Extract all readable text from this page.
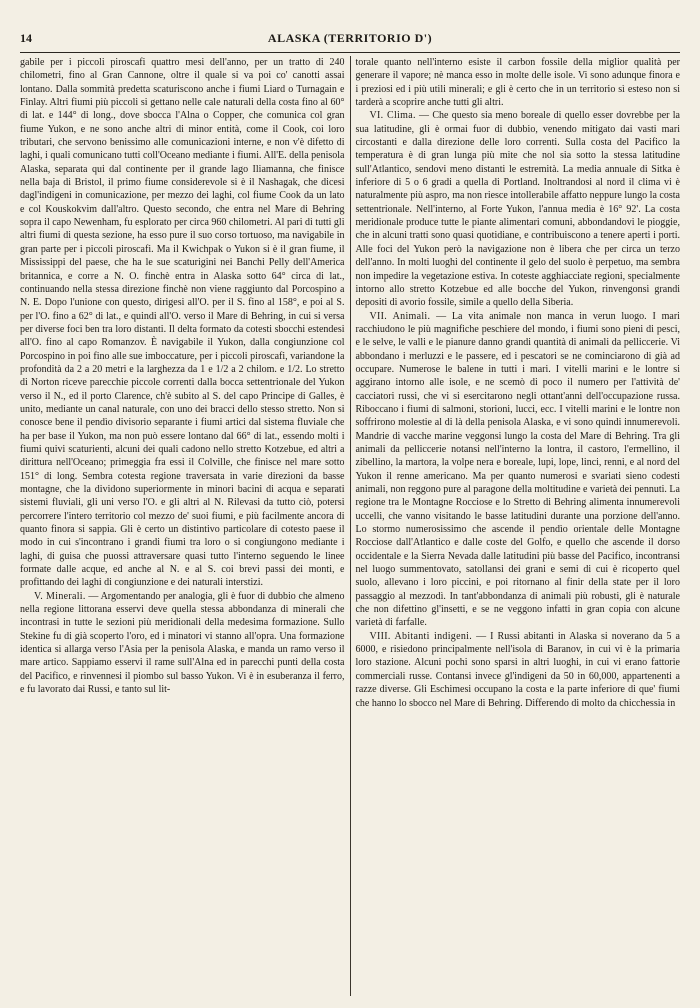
14	ALASKA (TERRITORIO D')

gabile per i piccoli piroscafi quattro mesi dell'anno, per un tratto di 240 chilometri, fino al Gran Cannone, oltre il quale si va poi co' canotti assai lontano. Dalla sommità predetta scaturiscono anche i fiumi Liard o Turnagain e Finlay. Altri fiumi più piccoli si gettano nelle cale naturali della costa fino al 60° di lat. e 144° di long., dove sbocca l'Alna o Copper, che comunica col gran fiume Yukon, e ne sono anche altri di minor entità, come il Cook, coi loro tributari, che servono benissimo alle comunicazioni interne, e non v'è difetto di laghi, i quali comunicano tutti coll'Oceano mediante i fiumi. All'E. della penisola Alaska, separata qui dal continente per il grande lago Iliamanna, che finisce nella baja di Bristol, il primo fiume considerevole si è il Nashagak, che dicesi dagl'indigeni in comunicazione, per mezzo dei laghi, col fiume Cook da un lato e col Kouskokvim dall'altro. Questo secondo, che entra nel Mare di Behring sopra il capo Newenham, fu esplorato per circa 960 chilometri. Al pari di tutti gli altri fiumi di questa sezione, ha esso pure il suo corso tortuoso, ma navigabile in gran parte per i piccoli piroscafi. Ma il Kwichpak o Yukon si è il gran fiume, il Mississippi del paese, che ha le sue scaturigini nei Banchi Pelly dell'America britannica, e corre a N. O. finchè entra in Alaska sotto 64° circa di lat., continuando nella stessa direzione finchè non viene raggiunto dal Porcospino a N. E. Dopo l'unione con questo, dirigesi all'O. per il S. fino al 158°, e poi al S. per l'O. fino a 62° di lat., e quindi all'O. verso il Mare di Behring, in cui si versa per diverse foci ben tra loro distanti. Il delta formato da cotesti sbocchi estendesi all'O. fino al capo Romanzov. È navigabile il Yukon, dalla congiunzione col Porcospino in poi fino alle sue imboccature, per i piccoli piroscafi, variandone la profondità da 2 a 20 metri e la larghezza da 1 e 1/2 a 2 chilom. e 1/2. Lo stretto di Norton riceve parecchie piccole correnti dalla bocca settentrionale del Yukon verso il N., ed il porto Clarence, ch'è subito al S. del capo Principe di Galles, è unito, mediante un canal naturale, con uno dei bracci dello stesso stretto. Non si conosce bene il pendìo divisorio separante i fiumi artici dal sistema fluviale che ha per base il Yukon, ma non può essere lontano dal 66° di lat., essendo molti i fiumi quivi scaturienti, alcuni dei quali cadono nello stretto Kotzebue, ed altri a dirittura nell'Oceano; primeggia fra essi il Colville, che finisce nel mare sotto 151° di long. Sembra cotesta regione traversata in varie direzioni da basse montagne, che la dividono superiormente in minori bacini di acqua e separati sistemi fluviali, gli uni verso l'O. e gli altri al N. Rilevasi da tutto ciò, potersi percorrere l'intero territorio col mezzo de' suoi fiumi, e più facilmente ancora di quanto finora si sappia. Gli è certo un distintivo particolare di cotesto paese il modo in cui s'incontrano i grandi fiumi tra loro o si congiungono mediante i laghi, di guisa che puossi attraversare quasi tutto l'interno seguendo le linee formate dalle acque, ed anche al N. e al S. coi brevi passi dei monti, e profittando dei laghi di congiunzione e dei naturali interstizi.

V. Minerali. — Argomentando per analogia, gli è fuor di dubbio che almeno nella regione littorana esservi deve quella stessa abbondanza di minerali che incontrasi in tutte le sezioni più meridionali della medesima formazione. Sullo Stekine fu di già scoperto l'oro, ed i minatori vi stanno all'opra. Una formazione identica si allarga verso l'Asia per la penisola Alaska, e manda un ramo verso il mare artico. Sappiamo esservi il rame sull'Alna ed in parecchi punti della costa del Pacifico, e rinvennesi il piombo sul basso Yukon. Vi è in esuberanza il ferro, e fu lavorato dai Russi, e tanto sul lit-

torale quanto nell'interno esiste il carbon fossile della miglior qualità per generare il vapore; nè manca esso in molte delle isole. Vi sono adunque finora e i preziosi ed i più utili minerali; e gli è certo che in un territorio sì esteso non si tarderà a scoprire anche tutti gli altri.

VI. Clima. — Che questo sia meno boreale di quello esser dovrebbe per la sua latitudine, gli è ormai fuor di dubbio, venendo mitigato dai vasti mari circostanti e dalla direzione delle loro correnti. Sulla costa del Pacifico la temperatura è di gran lunga più mite che nol sia sotto la stessa latitudine sull'Atlantico, sendovi meno distanti le estremità. La media annuale di Sitka è inferiore di 5 o 6 gradi a quella di Portland. Inoltrandosi al nord il clima vi è naturalmente più aspro, ma non riesce intollerabile affatto neppure lungo la costa settentrionale. Nell'interno, al Forte Yukon, l'annua media è 16° 92'. La costa meridionale produce tutte le piante alimentari comuni, abbondandovi le pioggie, che in alcuni tratti sono quasi quotidiane, e contribuiscono a tenere aperti i porti. Alle foci del Yukon però la navigazione non è libera che per circa un terzo dell'anno. In molti luoghi del continente il gelo del suolo è perpetuo, ma sembra non impedire la vegetazione estiva. In coteste agghiacciate regioni, specialmente intorno allo stretto Kotzebue ed alle bocche del Yukon, rinvengonsi grandi depositi di avorio fossile, simile a quello della Siberia.

VII. Animali. — La vita animale non manca in verun luogo. I mari racchiudono le più magnifiche peschiere del mondo, i fiumi sono pieni di pesci, e le selve, le valli e le pianure danno grandi quantità di animali da pelliccerie. Vi abbondano i merluzzi e le passere, ed i pescatori se ne cominciarono di già ad occupare. Numerose le balene in tutti i mari. I vitelli marini e le lontre si aggirano intorno alle isole, e ne scemò di poco il numero per l'attività de' cacciatori russi, che vi si esercitarono negli ottant'anni dell'occupazione russa. Riboccano i fiumi di salmoni, storioni, lucci, ecc. I vitelli marini e le lontre non soffrirono molestie al di là della penisola Alaska, e vi sono quindi innumerevoli. Mandrie di vacche marine veggonsi lungo la costa del Mare di Behring. Tra gli animali da pelliccerie notansi nell'interno la lontra, il castoro, l'ermellino, il zibellino, la martora, la volpe nera e boreale, lupi, lope, linci, renni, e al nord del Yukon il renne americano. Ma per quanto numerosi e svariati sieno codesti animali, non reggono pure al paragone della moltitudine e varietà dei pennuti. La regione tra le Montagne Rocciose e lo Stretto di Behring alimenta innumerevoli uccelli, che vanno visitando le basse latitudini durante una porzione dell'anno. Lo stormo numerosissimo che ascende il pendìo orientale delle Montagne Rocciose dall'Atlantico e dalle coste del Golfo, e quello che ascende il dorso occidentale e la Sierra Nevada dalle latitudini più basse del Pacifico, incontransi nel luogo summentovato, satollansi dei grani e semi di cui è ricoperto quel suolo, allevano i loro piccini, e poi ritornano al finir della state per il loro passaggio al mezzodì. In tant'abbondanza di animali più robusti, gli è naturale che non difettino gl'insetti, e se ne veggono infatti in gran copia con alcune varietà di farfalle.

VIII. Abitanti indigeni. — I Russi abitanti in Alaska si noverano da 5 a 6000, e risiedono principalmente nell'isola di Baranov, in cui vi è la primaria loro stazione. Alcuni pochi sono sparsi in altri luoghi, in cui vi erano fattorie commerciali russe. Contansi invece gl'indigeni da 50 in 60,000, appartenenti a razze diverse. Gli Eschimesi occupano la costa e la parte inferiore di que' fiumi che hanno lo sbocco nel Mare di Behring. Differendo di molto da chicchessia in
